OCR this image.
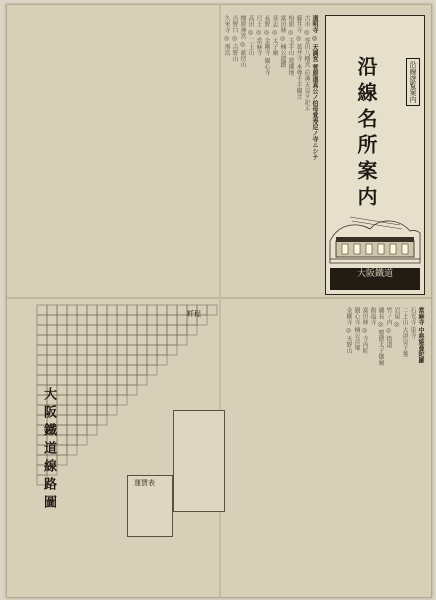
道明寺 ◎ 天満宮 菅原道真公ノ伯母覚寿尼ノ寺ニシテ
古市 ◎ 誉田八幡宮 応神天皇ヲ祀ル
藤井寺 ◎ 葛井寺 本尊千手観音
柏原 ◎ 玉手山 遊園地
富田林 ◎ 楠公遺蹟
喜志 ◎ 太子廟
長野 ◎ 金剛寺 観心寺
尺土 ◎ 當麻寺
高田 ◎ 二上山
橿原神宮 ◎ 畝傍山
吉野口 ◎ 吉野山
久米寺 ◎ 飛鳥
沿線名所案内	沿線遊覧案内
大阪鐵道
粁程
運賃表
大阪鐵道線路圖
當麻寺 中将姫曼陀羅
石光寺 染寺
二上山 大津皇子墓
岩屋 ◎
竹ノ内 ◎ 街道
磯長 ◎ 聖徳太子御廟
叡福寺
富田林 ◎ 寺内町
観心寺 楠公首塚
金剛寺 ◎ 天野山
